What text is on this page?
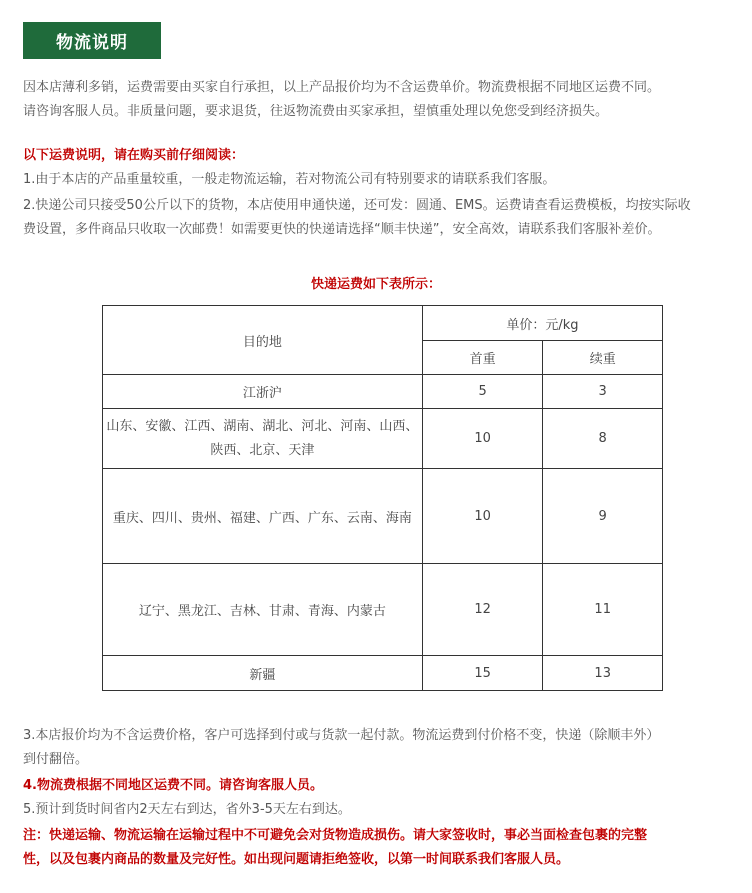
物流说明
因本店薄利多销，运费需要由买家自行承担，以上产品报价均为不含运费单价。物流费根据不同地区运费不同。
请咨询客服人员。非质量问题，要求退货，往返物流费由买家承担，望慎重处理以免您受到经济损失。
以下运费说明，请在购买前仔细阅读：
1.由于本店的产品重量较重，一般走物流运输，若对物流公司有特别要求的请联系我们客服。
2.快递公司只接受50公斤以下的货物，本店使用申通快递，还可发：圆通、EMS。运费请查看运费模板，均按实际收
费设置，多件商品只收取一次邮费！如需要更快的快递请选择“顺丰快递”，安全高效，请联系我们客服补差价。
快递运费如下表所示：
目的地	单价：元/kg	
	首重	续重
江浙沪	5	3

山东、安徽、江西、湖南、湖北、河北、河南、山西、
陕西、北京、天津	10	8
重庆、四川、贵州、福建、广西、广东、云南、海南	10	9
辽宁、黑龙江、吉林、甘肃、青海、内蒙古	12	11
新疆	15	13
3.本店报价均为不含运费价格，客户可选择到付或与货款一起付款。物流运费到付价格不变，快递（除顺丰外）
到付翻倍。
4.物流费根据不同地区运费不同。请咨询客服人员。
5.预计到货时间省内2天左右到达，省外3-5天左右到达。
注：快递运输、物流运输在运输过程中不可避免会对货物造成损伤。请大家签收时，事必当面检查包裹的完整
性，以及包裹内商品的数量及完好性。如出现问题请拒绝签收，以第一时间联系我们客服人员。
